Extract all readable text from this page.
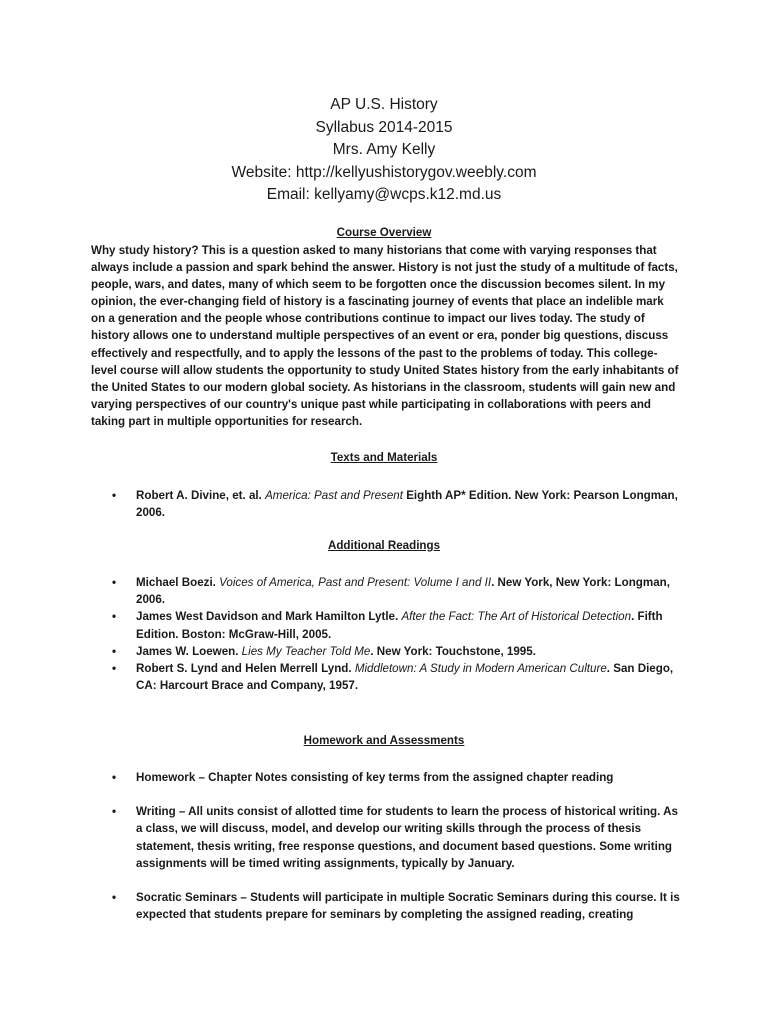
AP U.S. History
Syllabus 2014-2015
Mrs. Amy Kelly
Website: http://kellyushistorygov.weebly.com
Email: kellyamy@wcps.k12.md.us
Course Overview
Why study history? This is a question asked to many historians that come with varying responses that always include a passion and spark behind the answer. History is not just the study of a multitude of facts, people, wars, and dates, many of which seem to be forgotten once the discussion becomes silent. In my opinion, the ever-changing field of history is a fascinating journey of events that place an indelible mark on a generation and the people whose contributions continue to impact our lives today. The study of history allows one to understand multiple perspectives of an event or era, ponder big questions, discuss effectively and respectfully, and to apply the lessons of the past to the problems of today. This college-level course will allow students the opportunity to study United States history from the early inhabitants of the United States to our modern global society. As historians in the classroom, students will gain new and varying perspectives of our country's unique past while participating in collaborations with peers and taking part in multiple opportunities for research.
Texts and Materials
• Robert A. Divine, et. al. America: Past and Present Eighth AP* Edition. New York: Pearson Longman, 2006.
Additional Readings
• Michael Boezi. Voices of America, Past and Present: Volume I and II. New York, New York: Longman, 2006.
• James West Davidson and Mark Hamilton Lytle. After the Fact: The Art of Historical Detection. Fifth Edition. Boston: McGraw-Hill, 2005.
• James W. Loewen. Lies My Teacher Told Me. New York: Touchstone, 1995.
• Robert S. Lynd and Helen Merrell Lynd. Middletown: A Study in Modern American Culture. San Diego, CA: Harcourt Brace and Company, 1957.
Homework and Assessments
• Homework – Chapter Notes consisting of key terms from the assigned chapter reading
• Writing – All units consist of allotted time for students to learn the process of historical writing. As a class, we will discuss, model, and develop our writing skills through the process of thesis statement, thesis writing, free response questions, and document based questions. Some writing assignments will be timed writing assignments, typically by January.
• Socratic Seminars – Students will participate in multiple Socratic Seminars during this course. It is expected that students prepare for seminars by completing the assigned reading, creating
